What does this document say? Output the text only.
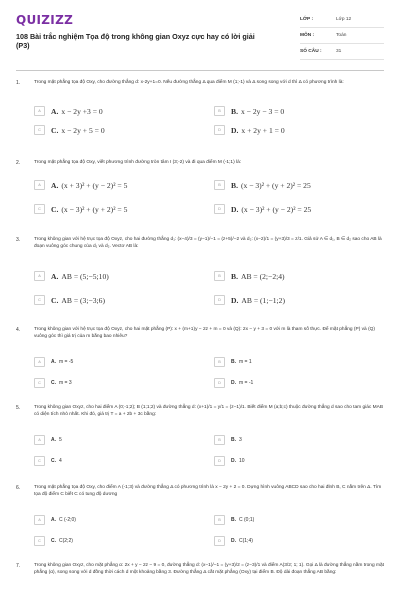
QUIZIZZ
108 Bài trắc nghiệm Tọa độ trong không gian Oxyz cực hay có lời giải (P3)
LỚP :	Lớp 12
MÔN :	Toán
SỐ CÂU :	31
1.	Trong mặt phẳng tọa độ Oxy, cho đường thẳng d: x-2y+1=0. Nếu đường thẳng Δ qua điểm M (1;-1) và Δ song song với d thì Δ có phương trình là:
A	A. x − 2y +3 = 0	B	B. x − 2y − 3 = 0
C	C. x − 2y + 5 = 0	D	D. x + 2y + 1 = 0
2.	Trong mặt phẳng tọa độ Oxy, viết phương trình đường tròn tâm I (3;-2) và đi qua điểm M (-1;1) là:
A	A. (x + 3)² + (y − 2)² = 5	B	B. (x − 3)² + (y + 2)² = 25
C	C. (x − 3)² + (y + 2)² = 5	D	D. (x − 3)² + (y − 2)² = 25
3.	Trong không gian với hệ trục tọa độ Oxyz, cho hai đường thẳng d₁: (x−4)/3 = (y−1)/−1 = (z+5)/−2 và d₂: (x−2)/1 = (y+3)/3 = z/1. Giả sử A ∈ d₁, B ∈ d₂ sao cho AB là đoạn vuông góc chung của d₁ và d₂. Vectơ AB là:
A	A. AB = (5;−5;10)	B	B. AB = (2;−2;4)
C	C. AB = (3;−3;6)	D	D. AB = (1;−1;2)
4.	Trong không gian với hệ trục tọa độ Oxyz, cho hai mặt phẳng (P): x + (m+1)y − 2z + m = 0 và (Q): 2x − y + 3 = 0 với m là tham số thực. Để mặt phẳng (P) và (Q) vuông góc thì giá trị của m bằng bao nhiêu?
A	A. m = -5	B	B. m = 1
C	C. m = 3	D	D. m = -1
5.	Trong không gian Oxyz, cho hai điểm A (0;-1;2); B (1;1;2) và đường thẳng d: (x+1)/1 = y/1 = (z−1)/1. Biết điểm M (a;b;c) thuộc đường thẳng d sao cho tam giác MAB có diện tích nhỏ nhất. Khi đó, giá trị T = a + 2b + 3c bằng:
A	A. 5	B	B. 3
C	C. 4	D	D. 10
6.	Trong mặt phẳng tọa độ Oxy, cho điểm A (-1;3) và đường thẳng Δ có phương trình là x − 2y + 2 = 0. Dựng hình vuông ABCD sao cho hai đỉnh B, C nằm trên Δ. Tìm tọa độ điểm C biết C có tung độ dương
A	A. C (-2;0)	B	B. C (0;1)
C	C. C(2;2)	D	D. C(1;4)
7.	Trong không gian Oxyz, cho mặt phẳng α: 2x + y − 2z − 9 = 0, đường thẳng d: (x−1)/−1 = (y+3)/2 = (z−3)/1 và điểm A(3/2; 1; 1). Gọi Δ là đường thẳng nằm trong mặt phẳng (α), song song với d đồng thời cách d một khoảng bằng 3. Đường thẳng Δ cắt mặt phẳng (Oxy) tại điểm B. Độ dài đoạn thẳng AB bằng:
